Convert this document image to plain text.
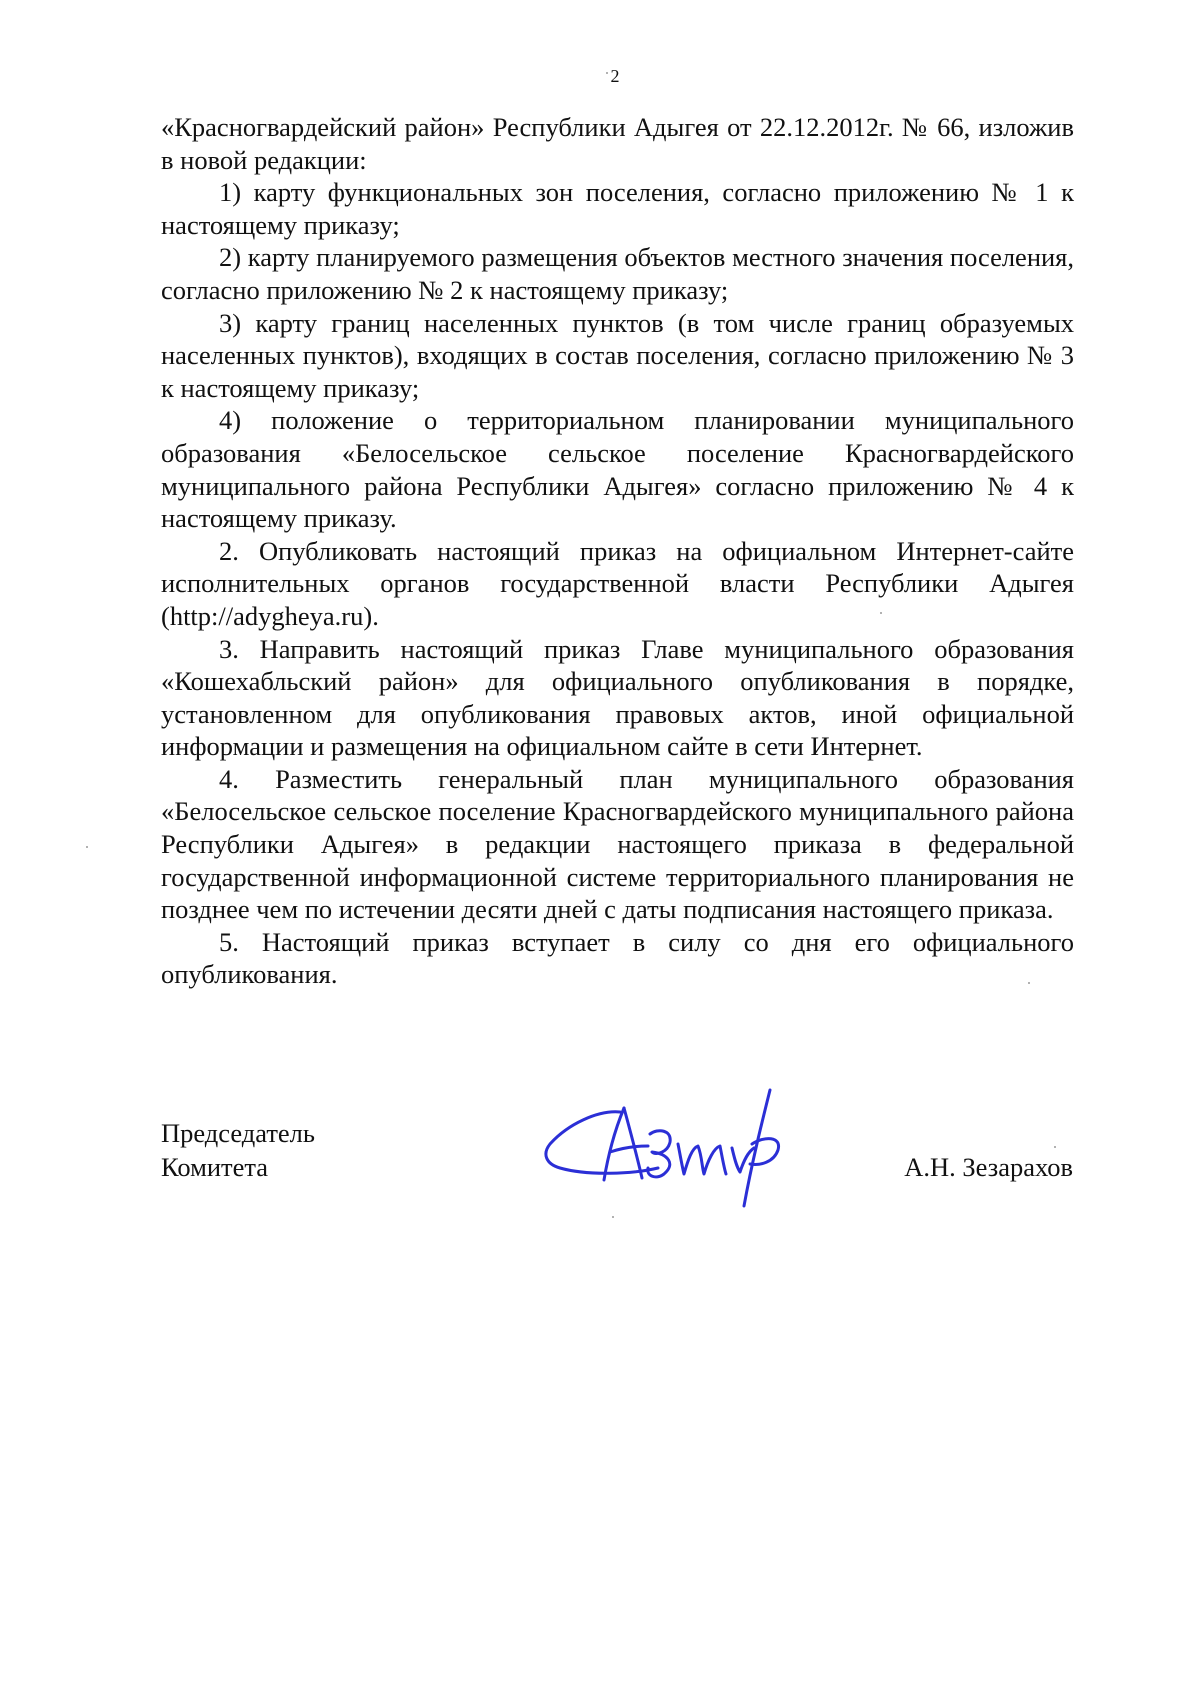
2

«Красногвардейский район» Республики Адыгея от 22.12.2012г. № 66, изложив в новой редакции:

1) карту функциональных зон поселения, согласно приложению № 1 к настоящему приказу;

2) карту планируемого размещения объектов местного значения поселения, согласно приложению № 2 к настоящему приказу;

3) карту границ населенных пунктов (в том числе границ образуемых населенных пунктов), входящих в состав поселения, согласно приложению № 3 к настоящему приказу;

4) положение о территориальном планировании муниципального образования «Белосельское сельское поселение Красногвардейского муниципального района Республики Адыгея» согласно приложению № 4 к настоящему приказу.

2. Опубликовать настоящий приказ на официальном Интернет-сайте исполнительных органов государственной власти Республики Адыгея (http://adygheya.ru).

3. Направить настоящий приказ Главе муниципального образования «Кошехабльский район» для официального опубликования в порядке, установленном для опубликования правовых актов, иной официальной информации и размещения на официальном сайте в сети Интернет.

4. Разместить генеральный план муниципального образования «Белосельское сельское поселение Красногвардейского муниципального района Республики Адыгея» в редакции настоящего приказа в федеральной государственной информационной системе территориального планирования не позднее чем по истечении десяти дней с даты подписания настоящего приказа.

5. Настоящий приказ вступает в силу со дня его официального опубликования.

Председатель
Комитета	А.Н. Зезарахов
